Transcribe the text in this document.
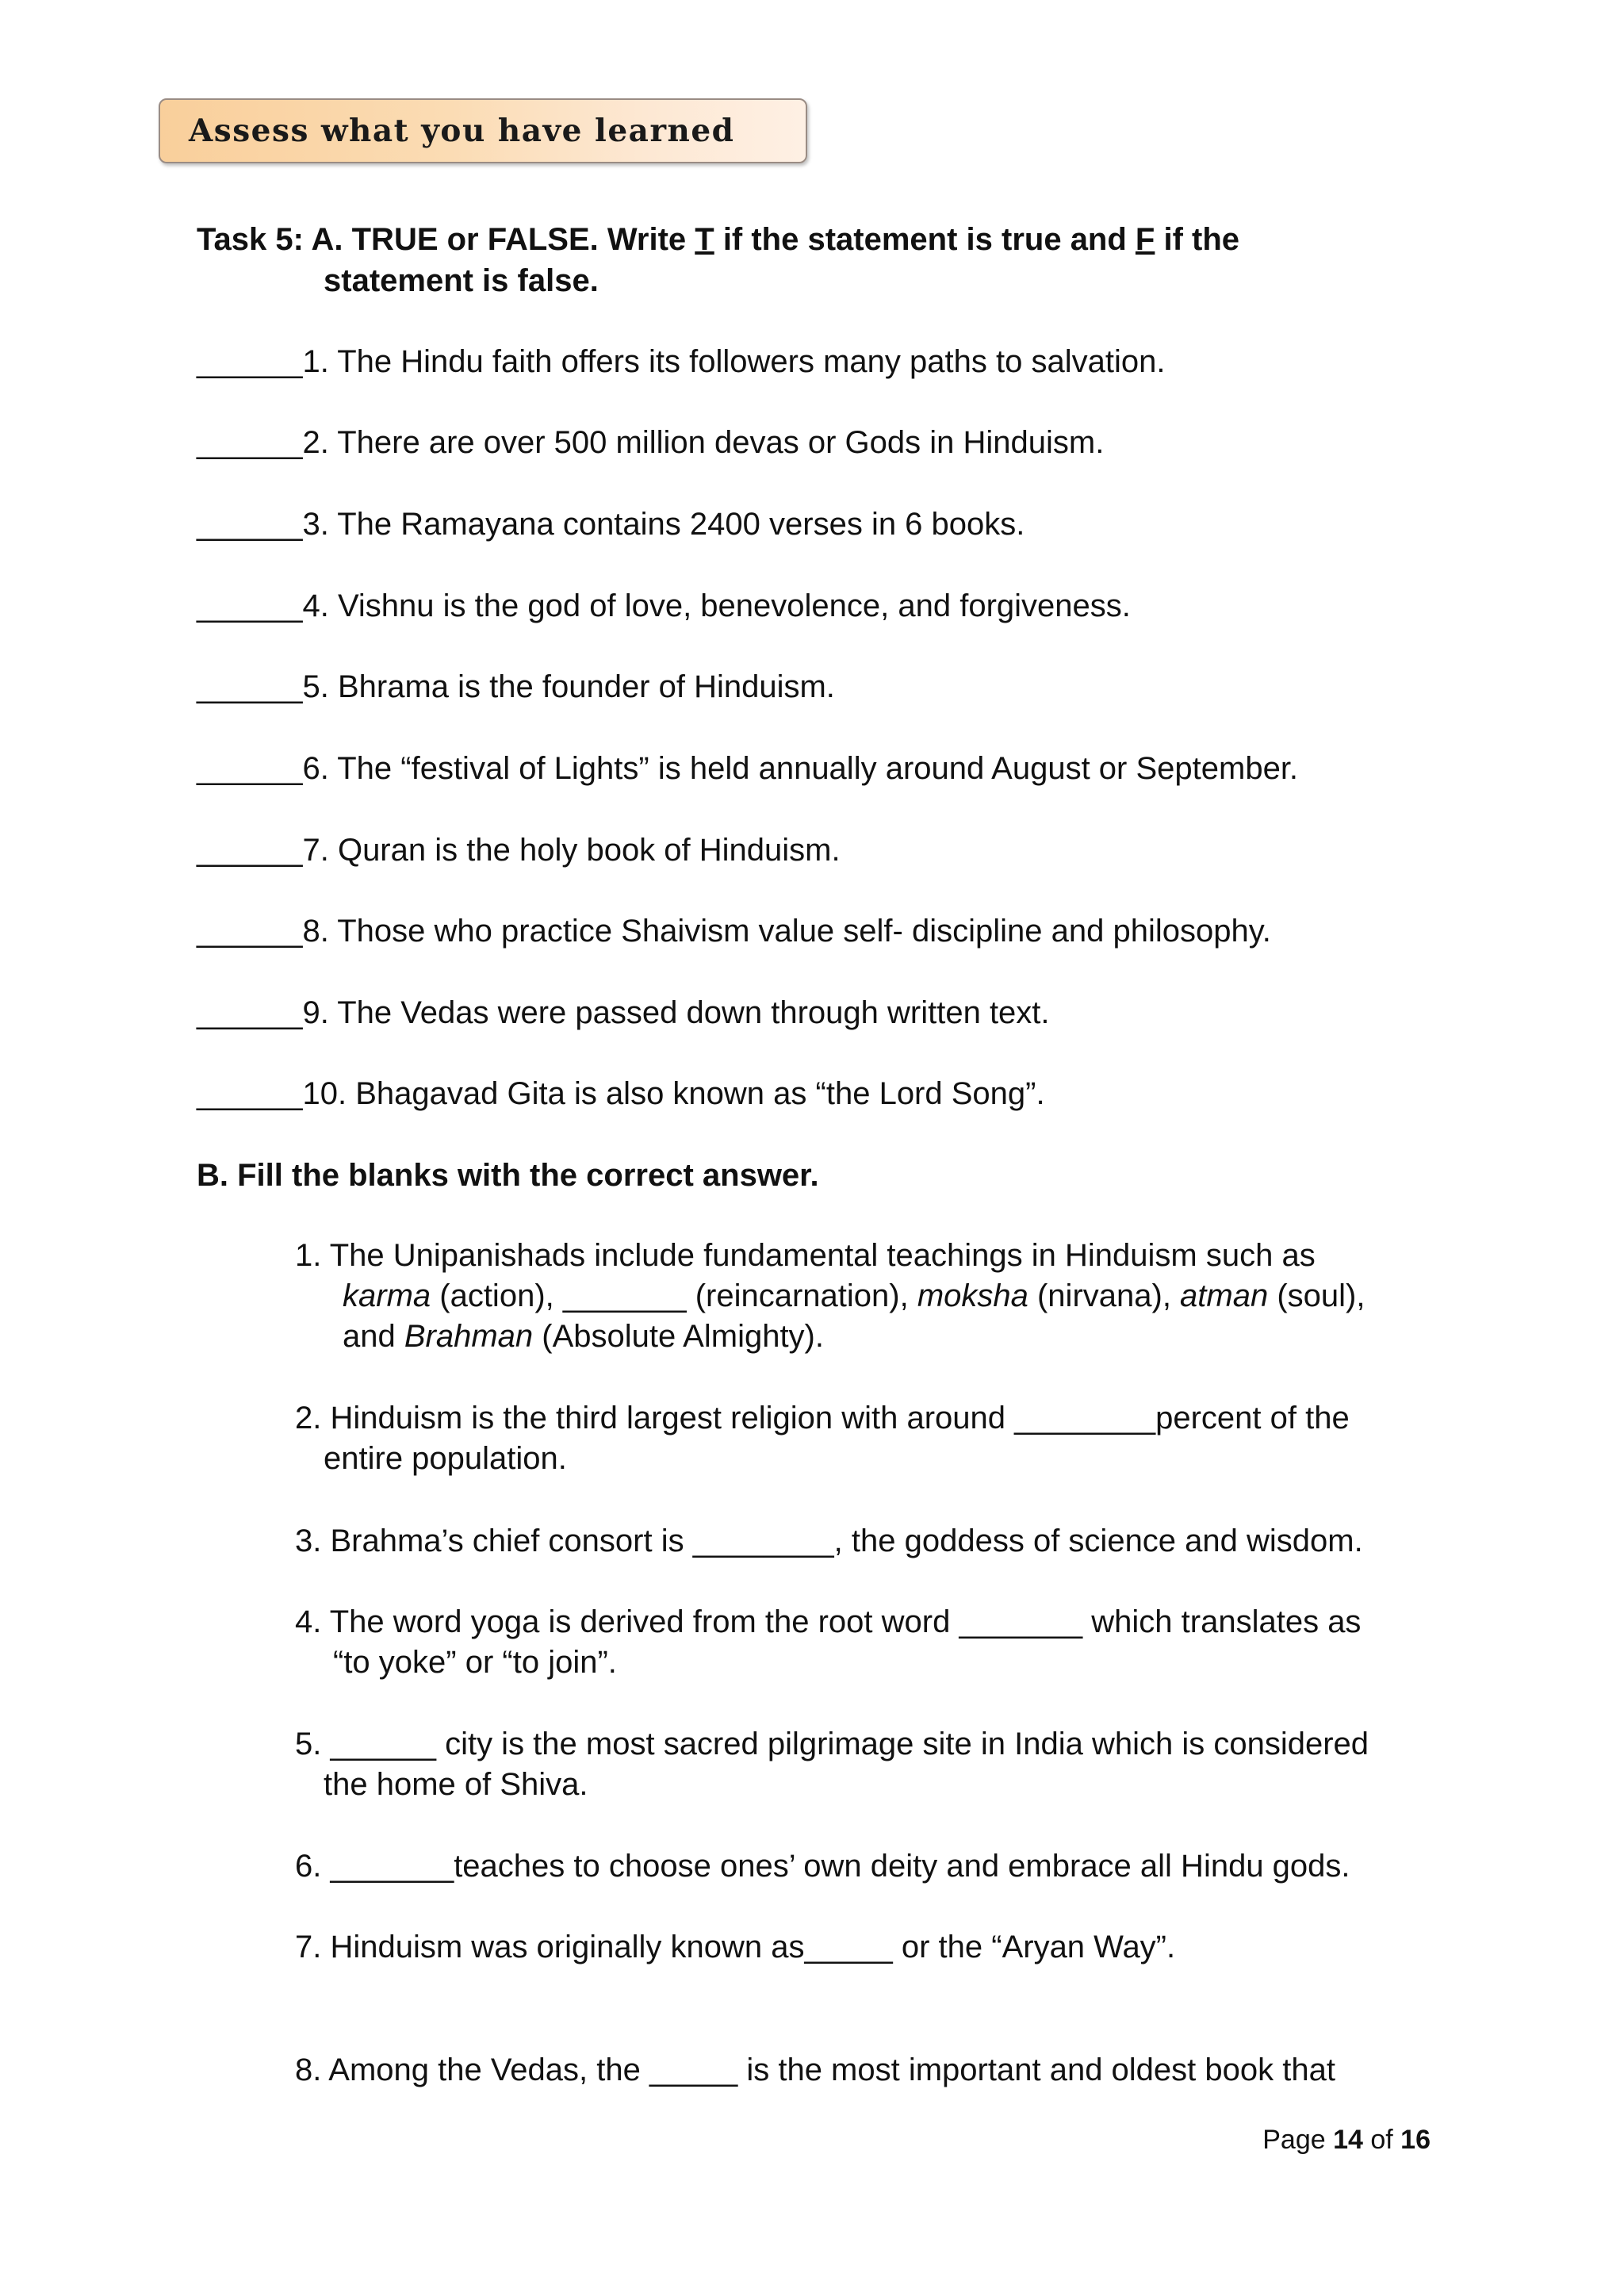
Assess what you have learned
Task 5: A. TRUE or FALSE. Write T if the statement is true and F if the
statement is false.
______1. The Hindu faith offers its followers many paths to salvation.
______2. There are over 500 million devas or Gods in Hinduism.
______3. The Ramayana contains 2400 verses in 6 books.
______4. Vishnu is the god of love, benevolence, and forgiveness.
______5. Bhrama is the founder of Hinduism.
______6. The “festival of Lights” is held annually around August or September.
______7. Quran is the holy book of Hinduism.
______8. Those who practice Shaivism value self- discipline and philosophy.
______9. The Vedas were passed down through written text.
______10. Bhagavad Gita is also known as “the Lord Song”.
B. Fill the blanks with the correct answer.
1. The Unipanishads include fundamental teachings in Hinduism such as
karma (action), _______ (reincarnation), moksha (nirvana), atman (soul),
and Brahman (Absolute Almighty).
2. Hinduism is the third largest religion with around ________percent of the
entire population.
3. Brahma’s chief consort is ________, the goddess of science and wisdom.
4. The word yoga is derived from the root word _______ which translates as
“to yoke” or “to join”.
5. ______ city is the most sacred pilgrimage site in India which is considered
the home of Shiva.
6. _______teaches to choose ones’ own deity and embrace all Hindu gods.
7. Hinduism was originally known as_____ or the “Aryan Way”.
8. Among the Vedas, the _____ is the most important and oldest book that
Page 14 of 16
